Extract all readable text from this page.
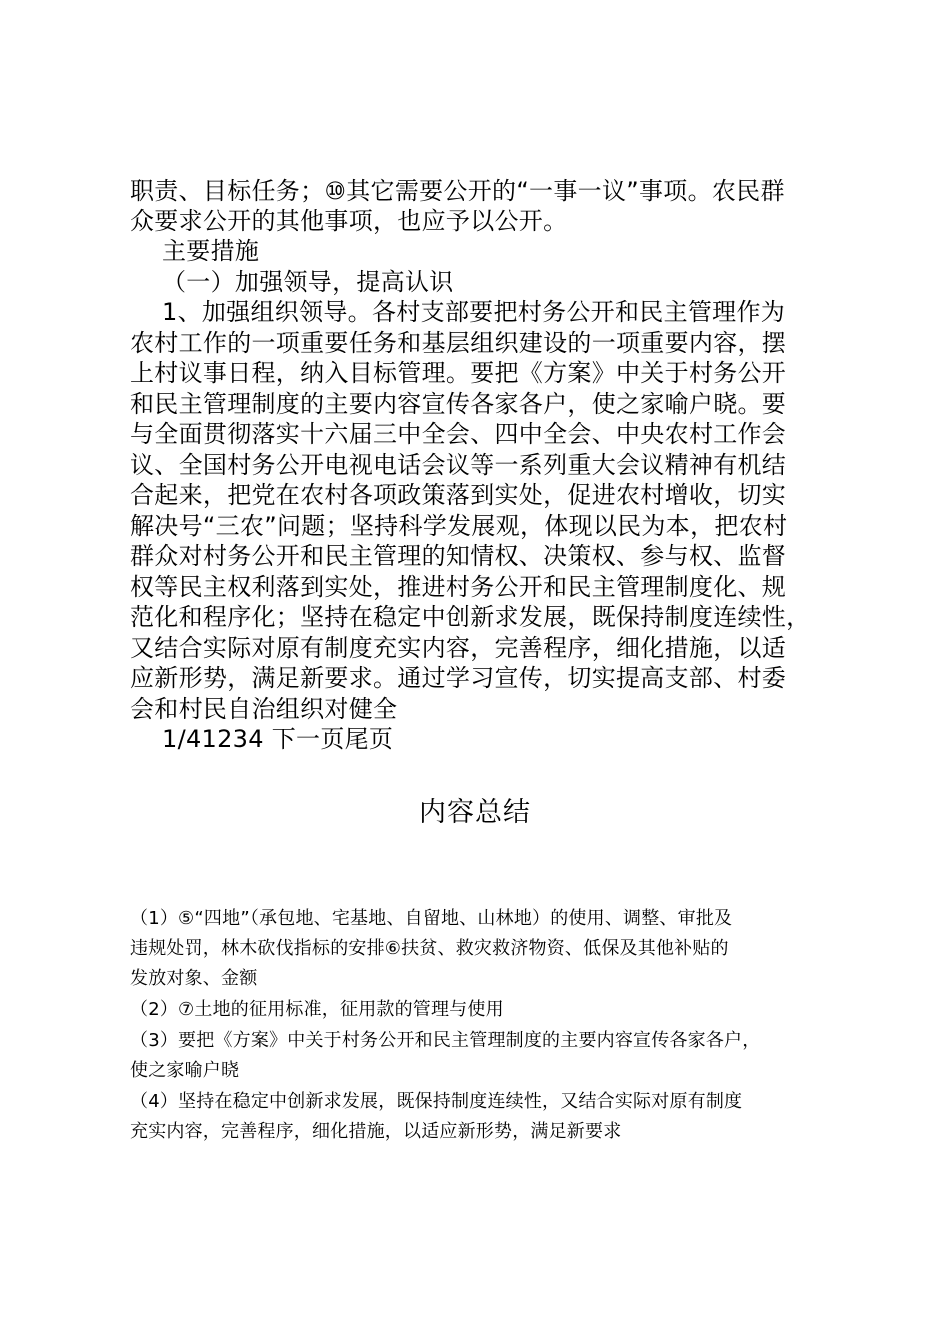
职责、目标任务；⑩其它需要公开的“一事一议”事项。农民群
众要求公开的其他事项，也应予以公开。
主要措施
（一）加强领导，提高认识
1、加强组织领导。各村支部要把村务公开和民主管理作为
农村工作的一项重要任务和基层组织建设的一项重要内容，摆
上村议事日程，纳入目标管理。要把《方案》中关于村务公开
和民主管理制度的主要内容宣传各家各户，使之家喻户晓。要
与全面贯彻落实十六届三中全会、四中全会、中央农村工作会
议、全国村务公开电视电话会议等一系列重大会议精神有机结
合起来，把党在农村各项政策落到实处，促进农村增收，切实
解决号“三农”问题；坚持科学发展观，体现以民为本，把农村
群众对村务公开和民主管理的知情权、决策权、参与权、监督
权等民主权利落到实处，推进村务公开和民主管理制度化、规
范化和程序化；坚持在稳定中创新求发展，既保持制度连续性，
又结合实际对原有制度充实内容，完善程序，细化措施，以适
应新形势，满足新要求。通过学习宣传，切实提高支部、村委
会和村民自治组织对健全
1/41234 下一页尾页
内容总结
（1）⑤“四地”（承包地、宅基地、自留地、山林地）的使用、调整、审批及
违规处罚，林木砍伐指标的安排⑥扶贫、救灾救济物资、低保及其他补贴的
发放对象、金额
（2）⑦土地的征用标准，征用款的管理与使用
（3）要把《方案》中关于村务公开和民主管理制度的主要内容宣传各家各户，
使之家喻户晓
（4）坚持在稳定中创新求发展，既保持制度连续性，又结合实际对原有制度
充实内容，完善程序，细化措施，以适应新形势，满足新要求
